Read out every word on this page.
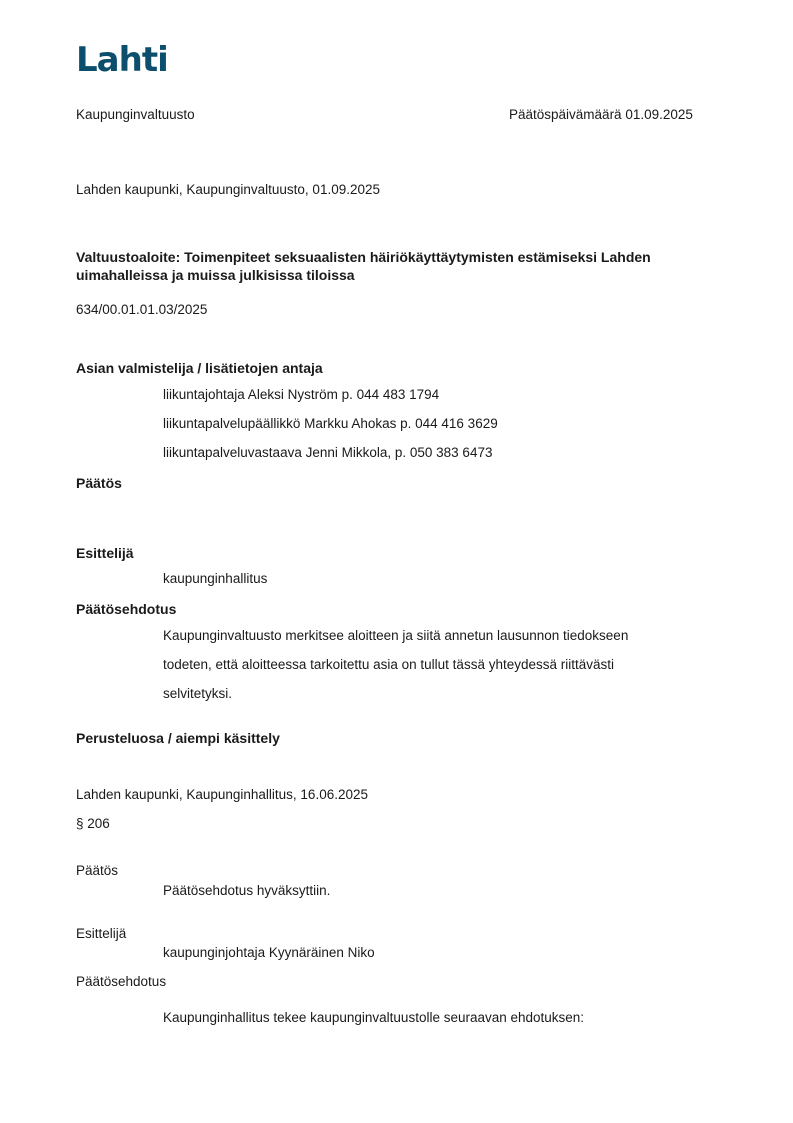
Lahti
Kaupunginvaltuusto	Päätöspäivämäärä 01.09.2025
Lahden kaupunki, Kaupunginvaltuusto, 01.09.2025
Valtuustoaloite: Toimenpiteet seksuaalisten häiriökäyttäytymisten estämiseksi Lahden
uimahalleissa ja muissa julkisissa tiloissa
634/00.01.01.03/2025
Asian valmistelija / lisätietojen antaja
liikuntajohtaja Aleksi Nyström p. 044 483 1794
liikuntapalvelupäällikkö Markku Ahokas p. 044 416 3629
liikuntapalveluvastaava Jenni Mikkola, p. 050 383 6473
Päätös
Esittelijä
kaupunginhallitus
Päätösehdotus
Kaupunginvaltuusto merkitsee aloitteen ja siitä annetun lausunnon tiedokseen
todeten, että aloitteessa tarkoitettu asia on tullut tässä yhteydessä riittävästi
selvitetyksi.
Perusteluosa / aiempi käsittely
Lahden kaupunki, Kaupunginhallitus, 16.06.2025
§ 206
Päätös
Päätösehdotus hyväksyttiin.
Esittelijä
kaupunginjohtaja Kyynäräinen Niko
Päätösehdotus
Kaupunginhallitus tekee kaupunginvaltuustolle seuraavan ehdotuksen:
